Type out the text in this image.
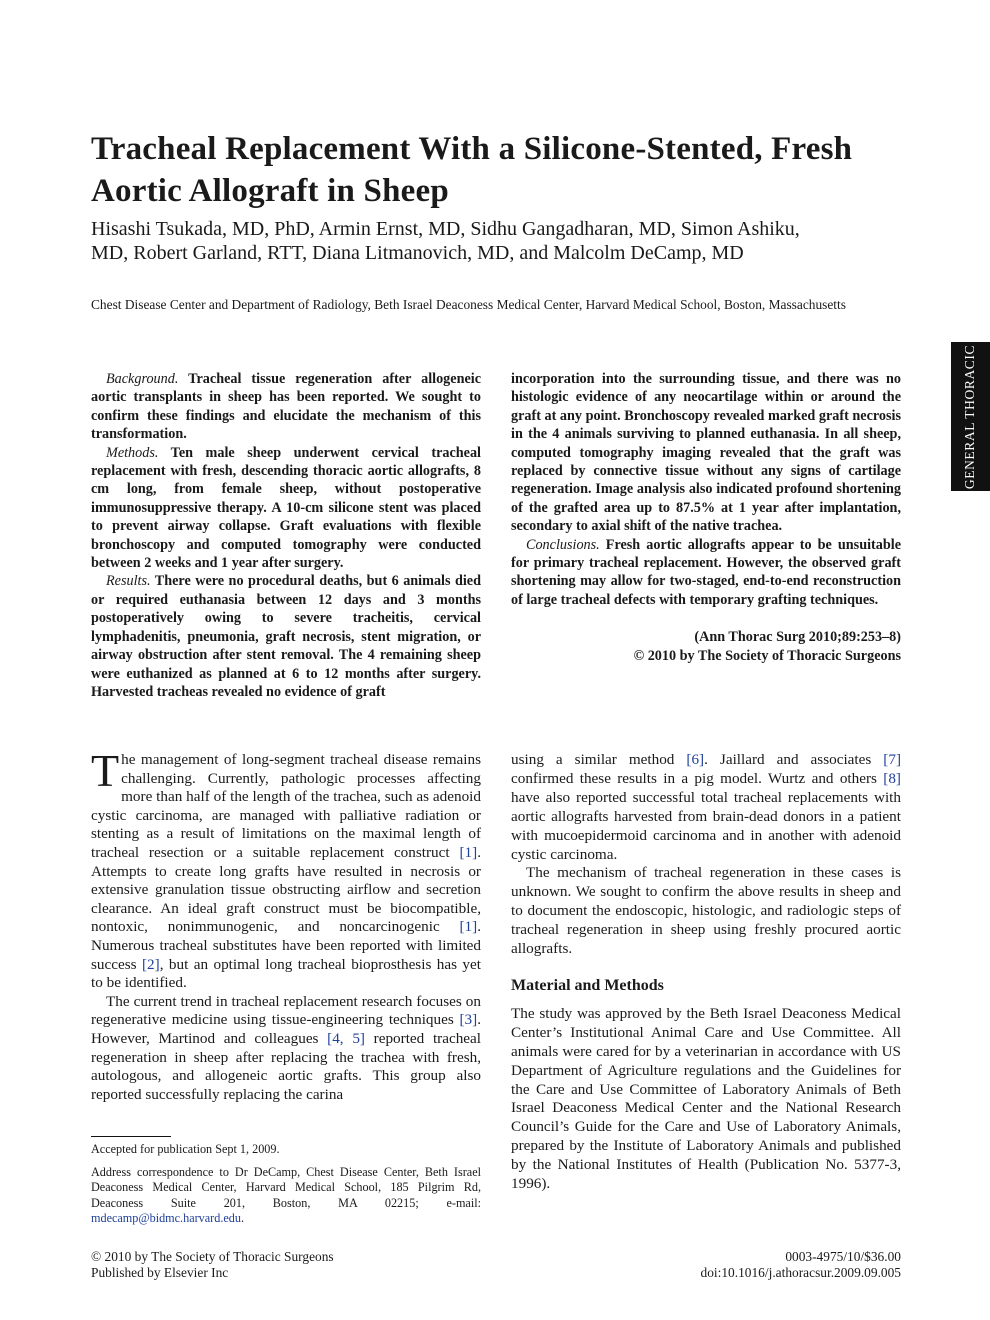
Tracheal Replacement With a Silicone-Stented, Fresh Aortic Allograft in Sheep
Hisashi Tsukada, MD, PhD, Armin Ernst, MD, Sidhu Gangadharan, MD, Simon Ashiku, MD, Robert Garland, RTT, Diana Litmanovich, MD, and Malcolm DeCamp, MD
Chest Disease Center and Department of Radiology, Beth Israel Deaconess Medical Center, Harvard Medical School, Boston, Massachusetts
GENERAL THORACIC

Background. Tracheal tissue regeneration after allogeneic aortic transplants in sheep has been reported. We sought to confirm these findings and elucidate the mechanism of this transformation.

Methods. Ten male sheep underwent cervical tracheal replacement with fresh, descending thoracic aortic allografts, 8 cm long, from female sheep, without postoperative immunosuppressive therapy. A 10-cm silicone stent was placed to prevent airway collapse. Graft evaluations with flexible bronchoscopy and computed tomography were conducted between 2 weeks and 1 year after surgery.

Results. There were no procedural deaths, but 6 animals died or required euthanasia between 12 days and 3 months postoperatively owing to severe tracheitis, cervical lymphadenitis, pneumonia, graft necrosis, stent migration, or airway obstruction after stent removal. The 4 remaining sheep were euthanized as planned at 6 to 12 months after surgery. Harvested tracheas revealed no evidence of graft

incorporation into the surrounding tissue, and there was no histologic evidence of any neocartilage within or around the graft at any point. Bronchoscopy revealed marked graft necrosis in the 4 animals surviving to planned euthanasia. In all sheep, computed tomography imaging revealed that the graft was replaced by connective tissue without any signs of cartilage regeneration. Image analysis also indicated profound shortening of the grafted area up to 87.5% at 1 year after implantation, secondary to axial shift of the native trachea.

Conclusions. Fresh aortic allografts appear to be unsuitable for primary tracheal replacement. However, the observed graft shortening may allow for two-staged, end-to-end reconstruction of large tracheal defects with temporary grafting techniques.

(Ann Thorac Surg 2010;89:253–8)

© 2010 by The Society of Thoracic Surgeons

The management of long-segment tracheal disease remains challenging. Currently, pathologic processes affecting more than half of the length of the trachea, such as adenoid cystic carcinoma, are managed with palliative radiation or stenting as a result of limitations on the maximal length of tracheal resection or a suitable replacement construct [1]. Attempts to create long grafts have resulted in necrosis or extensive granulation tissue obstructing airflow and secretion clearance. An ideal graft construct must be biocompatible, nontoxic, nonimmunogenic, and noncarcinogenic [1]. Numerous tracheal substitutes have been reported with limited success [2], but an optimal long tracheal bioprosthesis has yet to be identified.

The current trend in tracheal replacement research focuses on regenerative medicine using tissue-engineering techniques [3]. However, Martinod and colleagues [4, 5] reported tracheal regeneration in sheep after replacing the trachea with fresh, autologous, and allogeneic aortic grafts. This group also reported successfully replacing the carina

using a similar method [6]. Jaillard and associates [7] confirmed these results in a pig model. Wurtz and others [8] have also reported successful total tracheal replacements with aortic allografts harvested from brain-dead donors in a patient with mucoepidermoid carcinoma and in another with adenoid cystic carcinoma.

The mechanism of tracheal regeneration in these cases is unknown. We sought to confirm the above results in sheep and to document the endoscopic, histologic, and radiologic steps of tracheal regeneration in sheep using freshly procured aortic allografts.

Material and Methods

The study was approved by the Beth Israel Deaconess Medical Center’s Institutional Animal Care and Use Committee. All animals were cared for by a veterinarian in accordance with US Department of Agriculture regulations and the Guidelines for the Care and Use Committee of Laboratory Animals of Beth Israel Deaconess Medical Center and the National Research Council’s Guide for the Care and Use of Laboratory Animals, prepared by the Institute of Laboratory Animals and published by the National Institutes of Health (Publication No. 5377-3, 1996).

Accepted for publication Sept 1, 2009.

Address correspondence to Dr DeCamp, Chest Disease Center, Beth Israel Deaconess Medical Center, Harvard Medical School, 185 Pilgrim Rd, Deaconess Suite 201, Boston, MA 02215; e-mail: mdecamp@bidmc.harvard.edu.

© 2010 by The Society of Thoracic Surgeons
Published by Elsevier Inc
0003-4975/10/$36.00
doi:10.1016/j.athoracsur.2009.09.005
